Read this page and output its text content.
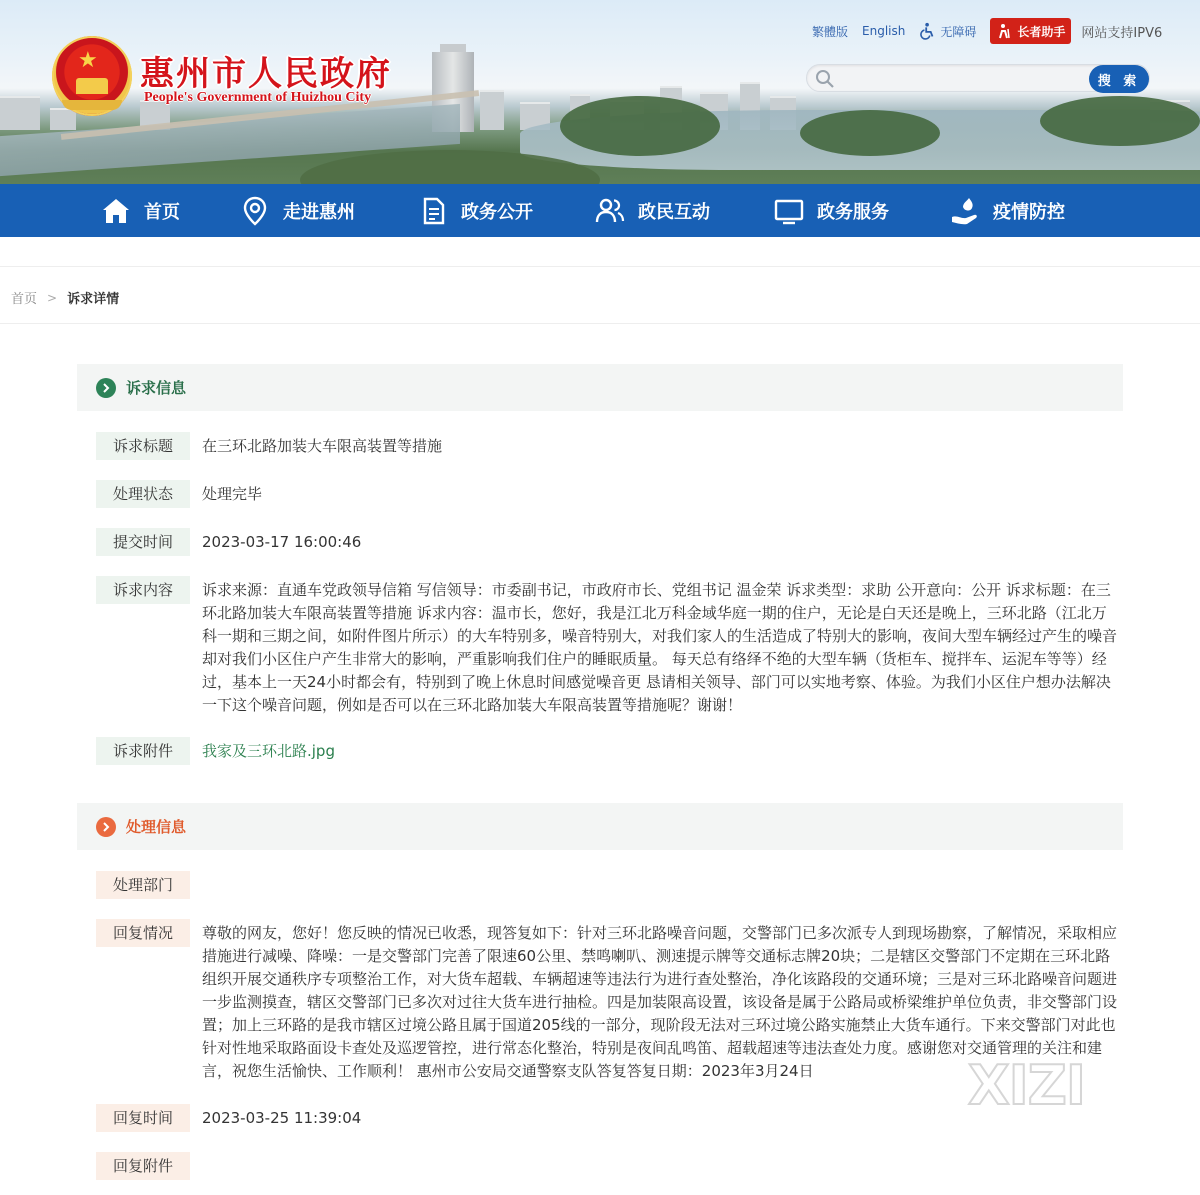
★ 惠州市人民政府
People's Government of Huizhou City
繁體版 English	无障碍	长者助手 网站支持IPV6
搜 索
首页	走进惠州	政务公开	政民互动	政务服务	疫情防控
首页 > 诉求详情
诉求信息
诉求标题	在三环北路加装大车限高装置等措施
处理状态	处理完毕
提交时间	2023-03-17 16:00:46
诉求内容	诉求来源：直通车党政领导信箱 写信领导：市委副书记，市政府市长、党组书记 温金荣 诉求类型：求助 公开意向：公开 诉求标题：在三环北路加装大车限高装置等措施 诉求内容：温市长，您好，我是江北万科金域华庭一期的住户，无论是白天还是晚上，三环北路（江北万科一期和三期之间，如附件图片所示）的大车特别多，噪音特别大，对我们家人的生活造成了特别大的影响，夜间大型车辆经过产生的噪音却对我们小区住户产生非常大的影响，严重影响我们住户的睡眠质量。 每天总有络绎不绝的大型车辆（货柜车、搅拌车、运泥车等等）经过，基本上一天24小时都会有，特别到了晚上休息时间感觉噪音更 恳请相关领导、部门可以实地考察、体验。为我们小区住户想办法解决一下这个噪音问题，例如是否可以在三环北路加装大车限高装置等措施呢？谢谢！
诉求附件	我家及三环北路.jpg
处理信息
处理部门
回复情况	尊敬的网友，您好！您反映的情况已收悉，现答复如下：针对三环北路噪音问题，交警部门已多次派专人到现场勘察，了解情况，采取相应措施进行减噪、降噪：一是交警部门完善了限速60公里、禁鸣喇叭、测速提示牌等交通标志牌20块；二是辖区交警部门不定期在三环北路组织开展交通秩序专项整治工作，对大货车超载、车辆超速等违法行为进行查处整治，净化该路段的交通环境；三是对三环北路噪音问题进一步监测摸查，辖区交警部门已多次对过往大货车进行抽检。四是加装限高设置，该设备是属于公路局或桥梁维护单位负责，非交警部门设置；加上三环路的是我市辖区过境公路且属于国道205线的一部分，现阶段无法对三环过境公路实施禁止大货车通行。下来交警部门对此也针对性地采取路面设卡查处及巡逻管控，进行常态化整治，特别是夜间乱鸣笛、超载超速等违法查处力度。感谢您对交通管理的关注和建言，祝您生活愉快、工作顺利！ 惠州市公安局交通警察支队答复答复日期：2023年3月24日
回复时间	2023-03-25 11:39:04
回复附件
XIZI
